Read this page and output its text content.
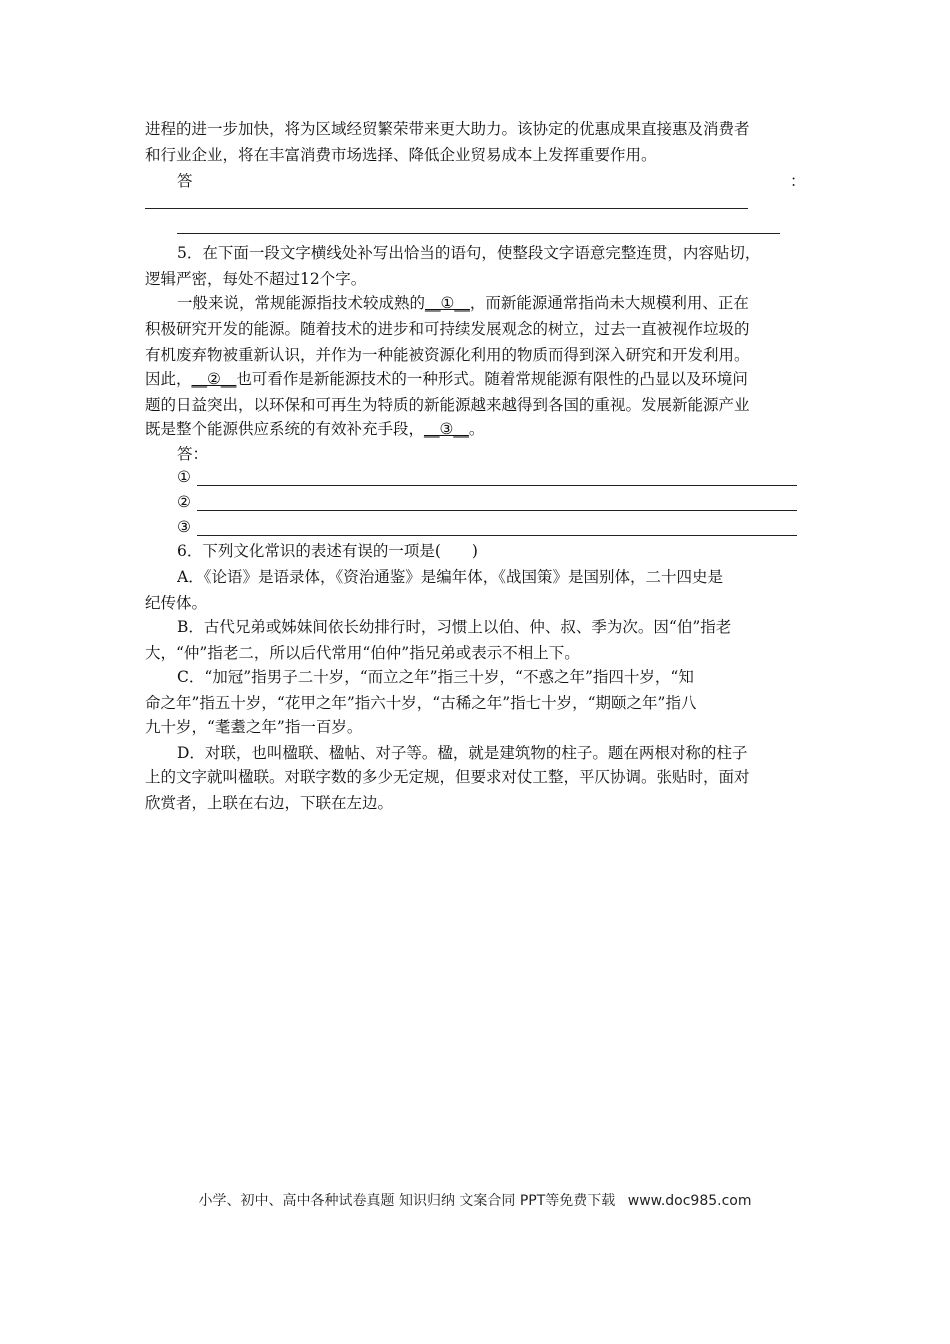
进程的进一步加快，将为区域经贸繁荣带来更大助力。该协定的优惠成果直接惠及消费者
和行业企业，将在丰富消费市场选择、降低企业贸易成本上发挥重要作用。
答	：
5．在下面一段文字横线处补写出恰当的语句，使整段文字语意完整连贯，内容贴切，
逻辑严密，每处不超过12个字。
一般来说，常规能源指技术较成熟的__①__，而新能源通常指尚未大规模利用、正在
积极研究开发的能源。随着技术的进步和可持续发展观念的树立，过去一直被视作垃圾的
有机废弃物被重新认识，并作为一种能被资源化利用的物质而得到深入研究和开发利用。
因此，__②__也可看作是新能源技术的一种形式。随着常规能源有限性的凸显以及环境问
题的日益突出，以环保和可再生为特质的新能源越来越得到各国的重视。发展新能源产业
既是整个能源供应系统的有效补充手段，__③__。
答：
①
②
③
6．下列文化常识的表述有误的一项是(　　)
A．《论语》是语录体，《资治通鉴》是编年体，《战国策》是国别体，二十四史是
纪传体。
B．古代兄弟或姊妹间依长幼排行时，习惯上以伯、仲、叔、季为次。因“伯”指老
大，“仲”指老二，所以后代常用“伯仲”指兄弟或表示不相上下。
C．“加冠”指男子二十岁，“而立之年”指三十岁，“不惑之年”指四十岁，“知
命之年”指五十岁，“花甲之年”指六十岁，“古稀之年”指七十岁，“期颐之年”指八
九十岁，“耄耋之年”指一百岁。
D．对联，也叫楹联、楹帖、对子等。楹，就是建筑物的柱子。题在两根对称的柱子
上的文字就叫楹联。对联字数的多少无定规，但要求对仗工整，平仄协调。张贴时，面对
欣赏者，上联在右边，下联在左边。
小学、初中、高中各种试卷真题 知识归纳 文案合同 PPT等免费下载 www.doc985.com
